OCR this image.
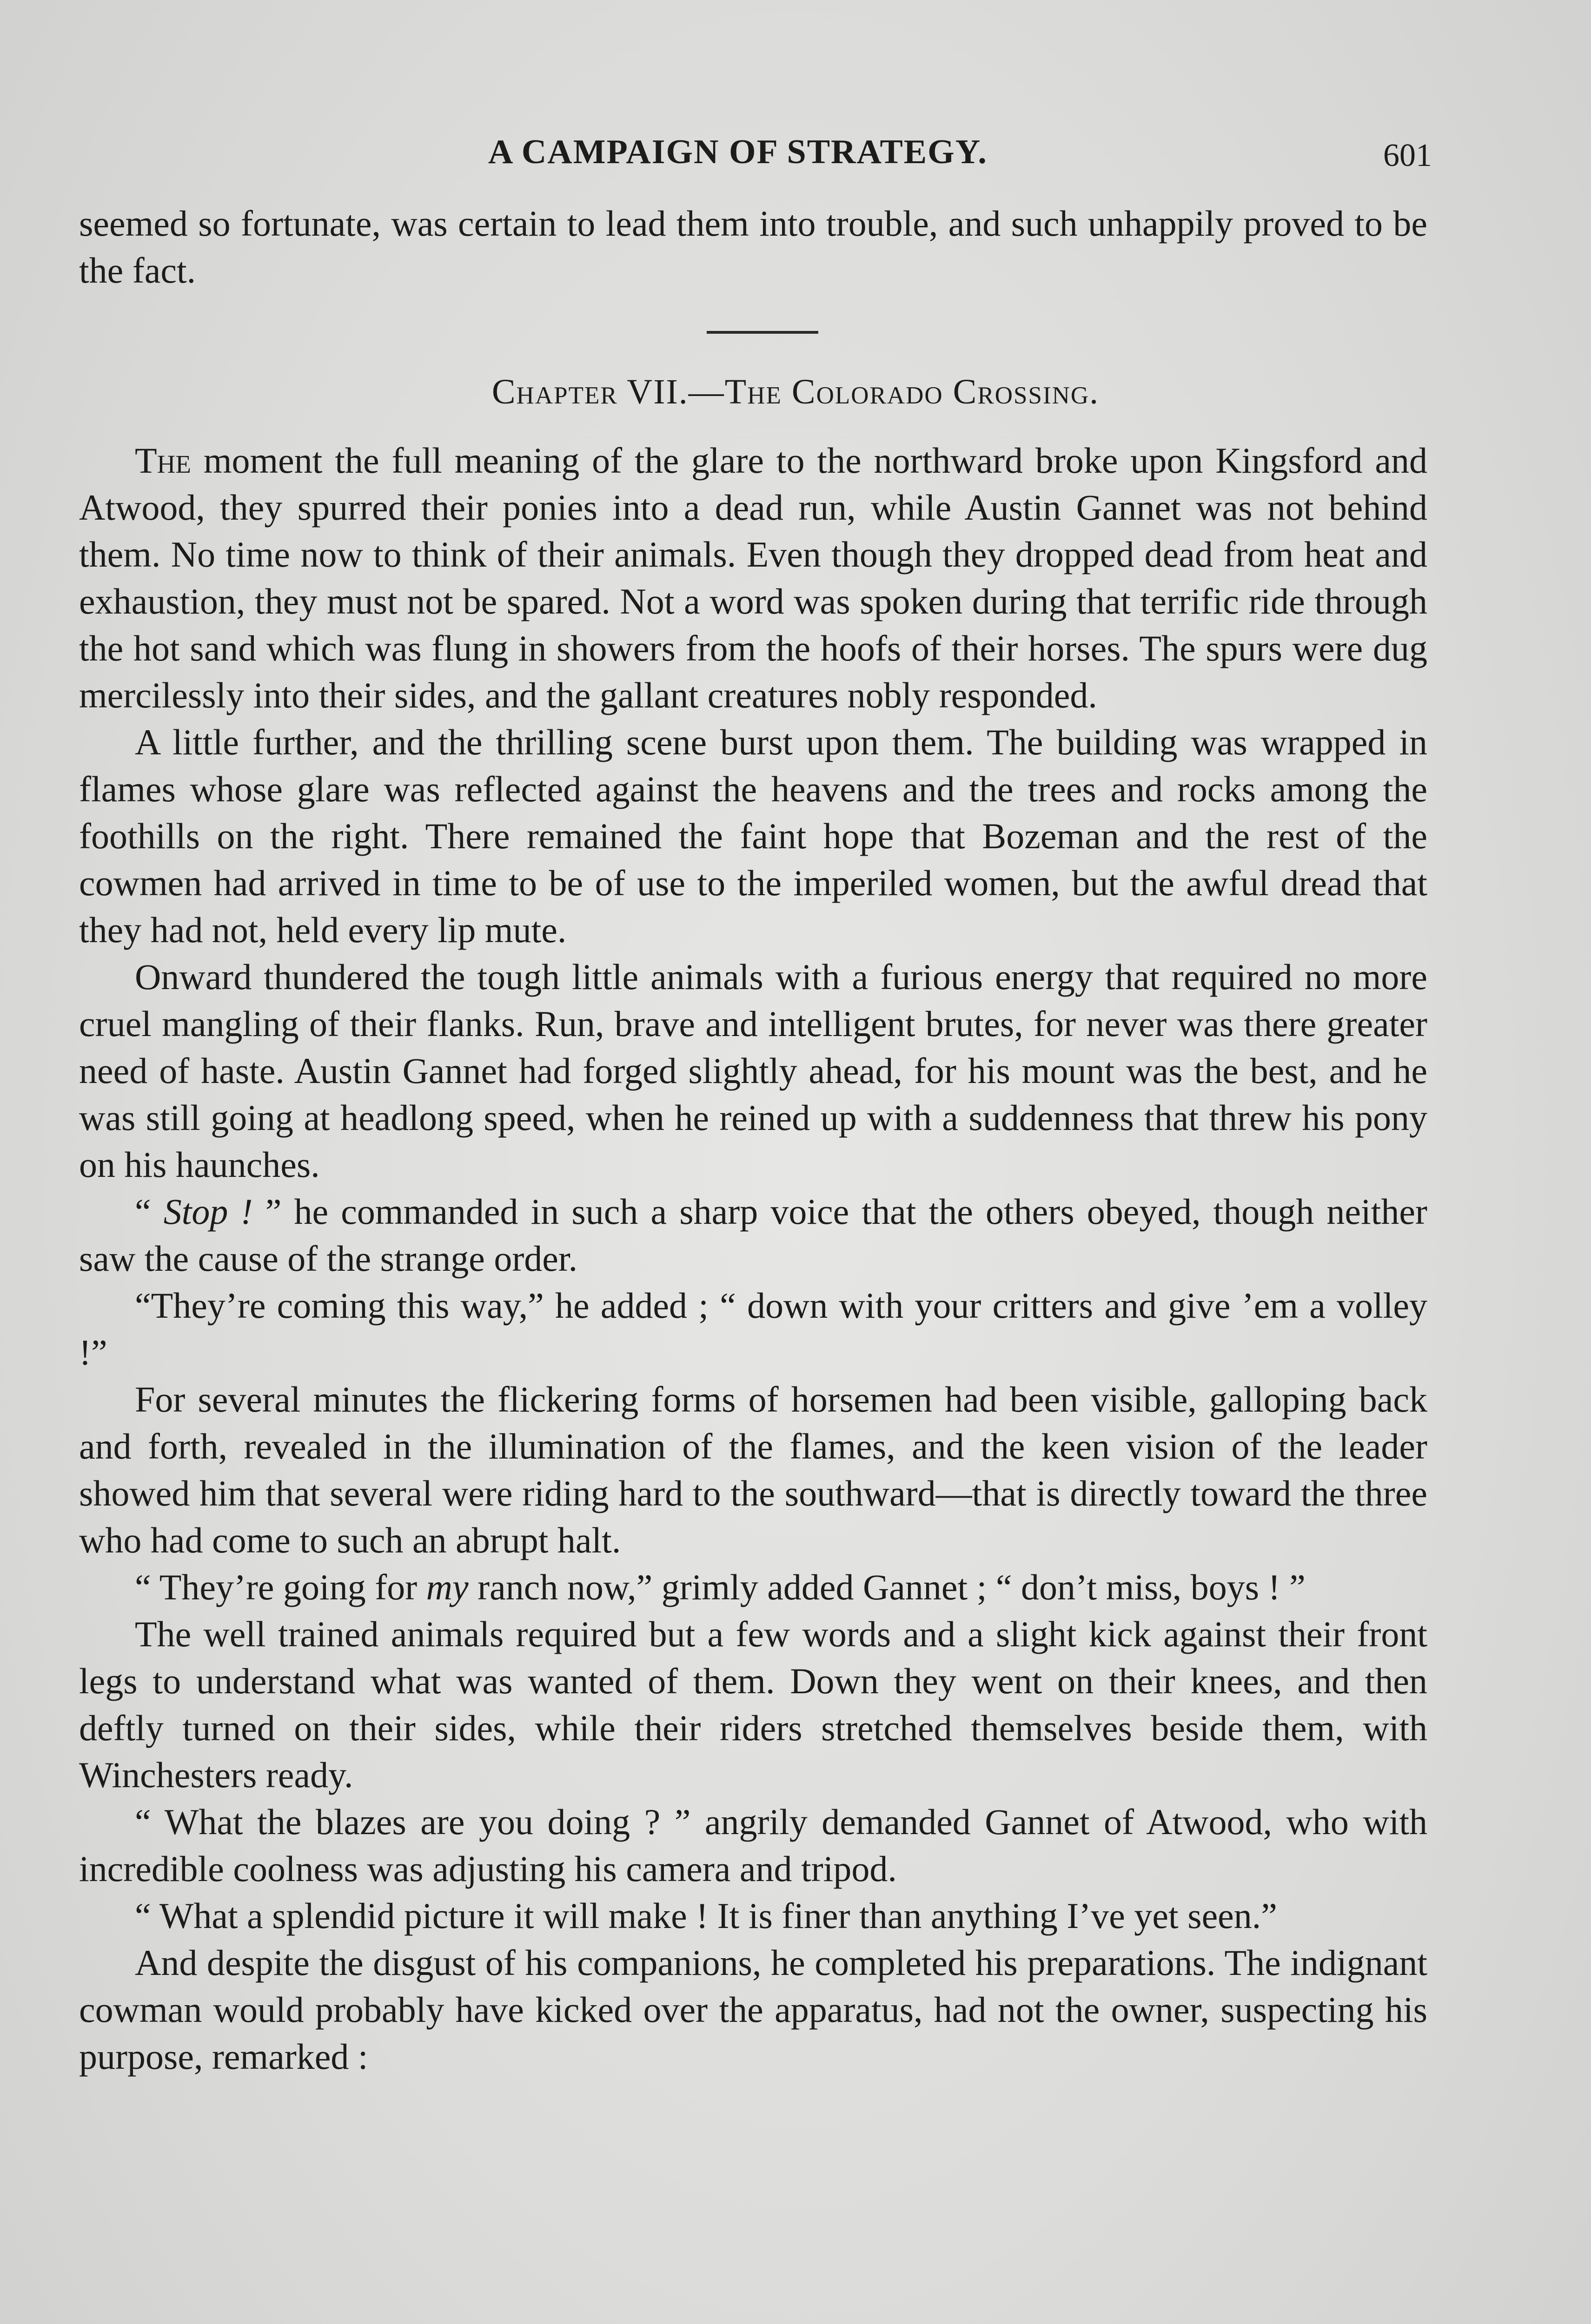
A CAMPAIGN OF STRATEGY.	601

seemed so fortunate, was certain to lead them into trouble, and such unhappily proved to be the fact.

Chapter VII.—The Colorado Crossing.

The moment the full meaning of the glare to the northward broke upon Kingsford and Atwood, they spurred their ponies into a dead run, while Austin Gannet was not behind them. No time now to think of their animals. Even though they dropped dead from heat and exhaustion, they must not be spared. Not a word was spoken during that terrific ride through the hot sand which was flung in showers from the hoofs of their horses. The spurs were dug mercilessly into their sides, and the gallant creatures nobly responded.

A little further, and the thrilling scene burst upon them. The building was wrapped in flames whose glare was reflected against the heavens and the trees and rocks among the foothills on the right. There remained the faint hope that Bozeman and the rest of the cowmen had arrived in time to be of use to the imperiled women, but the awful dread that they had not, held every lip mute.

Onward thundered the tough little animals with a furious energy that required no more cruel mangling of their flanks. Run, brave and intelligent brutes, for never was there greater need of haste. Austin Gannet had forged slightly ahead, for his mount was the best, and he was still going at headlong speed, when he reined up with a suddenness that threw his pony on his haunches.

“ Stop ! ” he commanded in such a sharp voice that the others obeyed, though neither saw the cause of the strange order.

“They’re coming this way,” he added ; “ down with your critters and give ’em a volley !”

For several minutes the flickering forms of horsemen had been visible, galloping back and forth, revealed in the illumination of the flames, and the keen vision of the leader showed him that several were riding hard to the southward—that is directly toward the three who had come to such an abrupt halt.

“ They’re going for my ranch now,” grimly added Gannet ; “ don’t miss, boys ! ”

The well trained animals required but a few words and a slight kick against their front legs to understand what was wanted of them. Down they went on their knees, and then deftly turned on their sides, while their riders stretched themselves beside them, with Winchesters ready.

“ What the blazes are you doing ? ” angrily demanded Gannet of Atwood, who with incredible coolness was adjusting his camera and tripod.

“ What a splendid picture it will make ! It is finer than anything I’ve yet seen.”

And despite the disgust of his companions, he completed his preparations. The indignant cowman would probably have kicked over the apparatus, had not the owner, suspecting his purpose, remarked :
